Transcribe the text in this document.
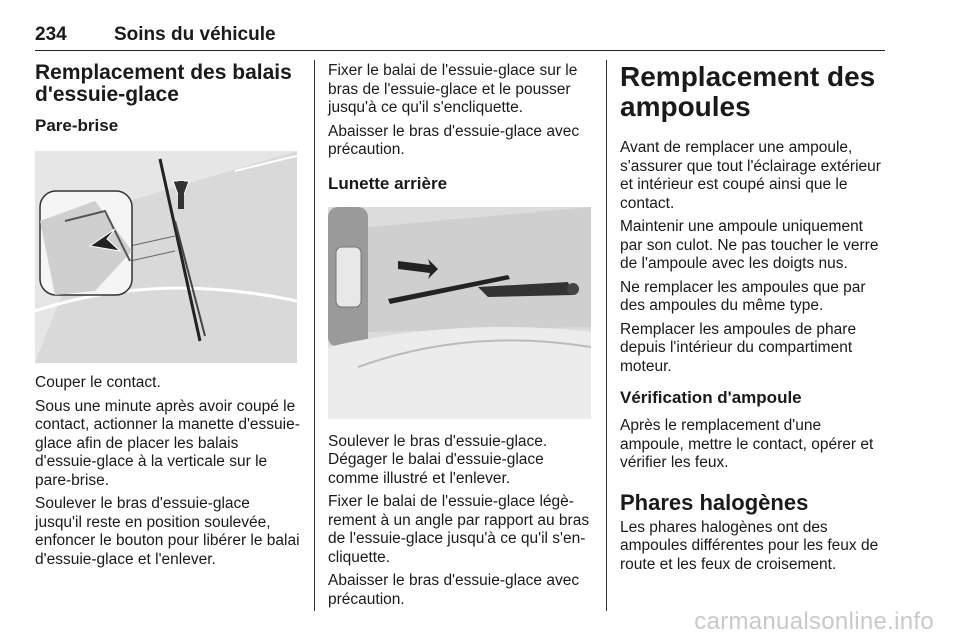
234 Soins du véhicule
Remplacement des balais d'essuie-glace
Pare-brise

Couper le contact.

Sous une minute après avoir coupé le contact, actionner la manette d'essuie-glace afin de placer les balais d'essuie-glace à la verticale sur le pare-brise.

Soulever le bras d'essuie-glace jusqu'il reste en position soulevée, enfoncer le bouton pour libérer le balai d'essuie-glace et l'enlever.

Fixer le balai de l'essuie-glace sur le bras de l'essuie-glace et le pousser jusqu'à ce qu'il s'encliquette.

Abaisser le bras d'essuie-glace avec précaution.

Lunette arrière

Soulever le bras d'essuie-glace. Dégager le balai d'essuie-glace comme illustré et l'enlever.

Fixer le balai de l'essuie-glace légèrement à un angle par rapport au bras de l'essuie-glace jusqu'à ce qu'il s'encliquette.

Abaisser le bras d'essuie-glace avec précaution.

Remplacement des ampoules

Avant de remplacer une ampoule, s'assurer que tout l'éclairage extérieur et intérieur est coupé ainsi que le contact.

Maintenir une ampoule uniquement par son culot. Ne pas toucher le verre de l'ampoule avec les doigts nus.

Ne remplacer les ampoules que par des ampoules du même type.

Remplacer les ampoules de phare depuis l'intérieur du compartiment moteur.

Vérification d'ampoule

Après le remplacement d'une ampoule, mettre le contact, opérer et vérifier les feux.

Phares halogènes

Les phares halogènes ont des ampoules différentes pour les feux de route et les feux de croisement.

carmanualsonline.info
